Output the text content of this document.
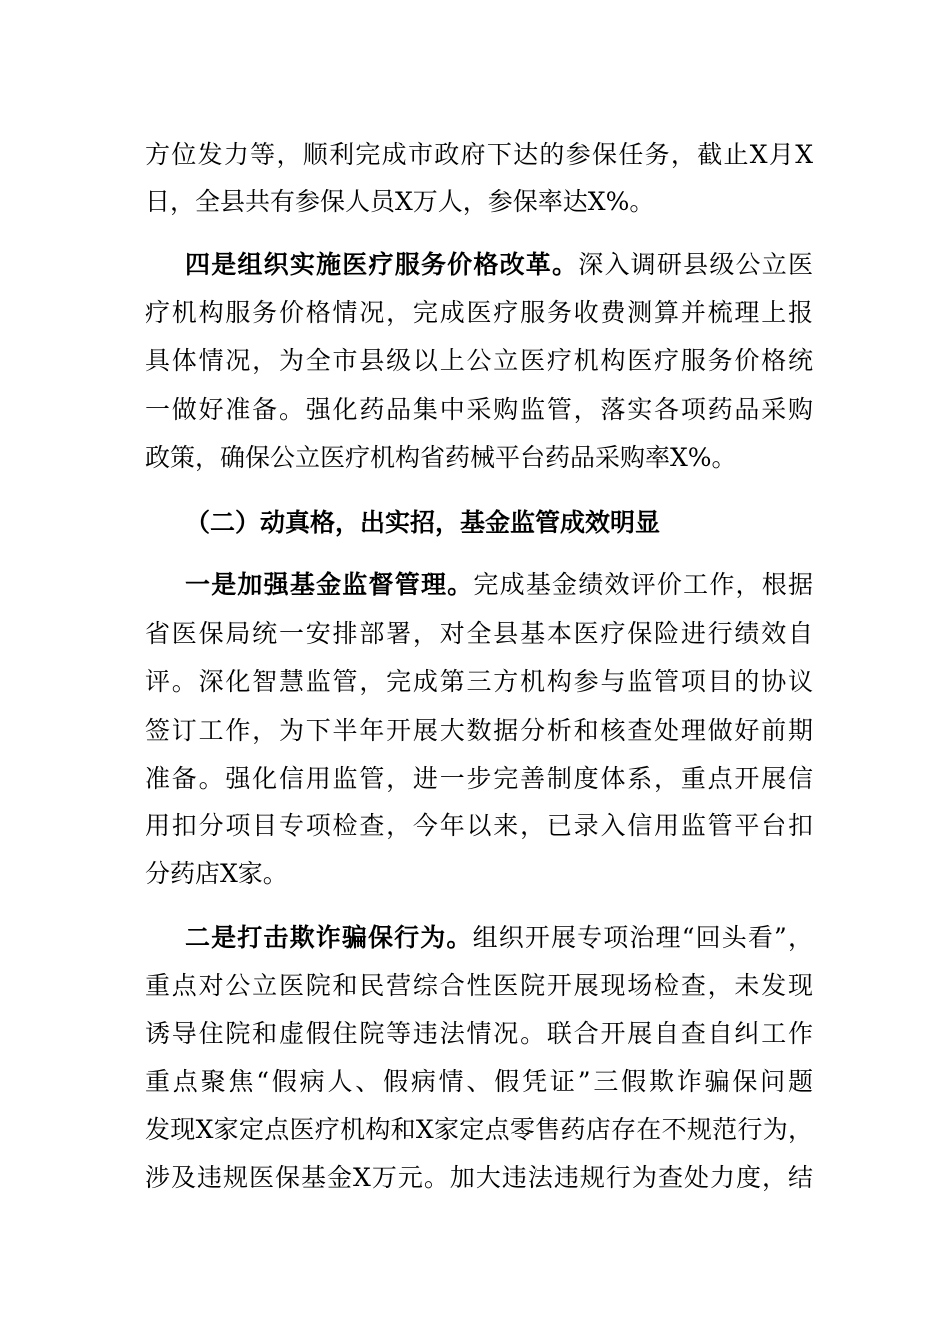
方位发力等，顺利完成市政府下达的参保任务，截止X月X
日，全县共有参保人员X万人，参保率达X%。
四是组织实施医疗服务价格改革。深入调研县级公立医
疗机构服务价格情况，完成医疗服务收费测算并梳理上报
具体情况，为全市县级以上公立医疗机构医疗服务价格统
一做好准备。强化药品集中采购监管，落实各项药品采购
政策，确保公立医疗机构省药械平台药品采购率X%。
（二）动真格，出实招，基金监管成效明显
一是加强基金监督管理。完成基金绩效评价工作，根据
省医保局统一安排部署，对全县基本医疗保险进行绩效自
评。深化智慧监管，完成第三方机构参与监管项目的协议
签订工作，为下半年开展大数据分析和核查处理做好前期
准备。强化信用监管，进一步完善制度体系，重点开展信
用扣分项目专项检查，今年以来，已录入信用监管平台扣
分药店X家。
二是打击欺诈骗保行为。组织开展专项治理“回头看”，
重点对公立医院和民营综合性医院开展现场检查，未发现
诱导住院和虚假住院等违法情况。联合开展自查自纠工作
重点聚焦“假病人、假病情、假凭证”三假欺诈骗保问题
发现X家定点医疗机构和X家定点零售药店存在不规范行为，
涉及违规医保基金X万元。加大违法违规行为查处力度，结
